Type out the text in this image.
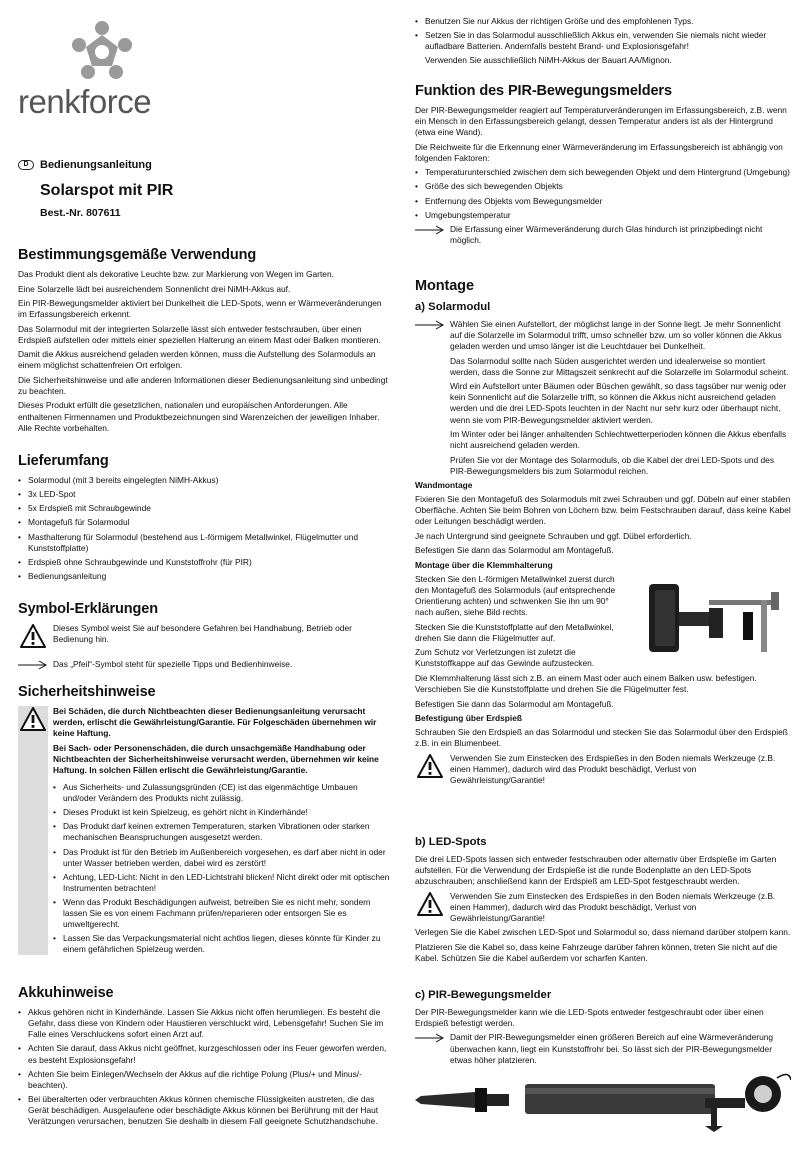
renkforce
D	Bedienungsanleitung
Solarspot mit PIR
Best.-Nr. 807611
Bestimmungsgemäße Verwendung

Das Produkt dient als dekorative Leuchte bzw. zur Markierung von Wegen im Garten.

Eine Solarzelle lädt bei ausreichendem Sonnenlicht drei NiMH-Akkus auf.

Ein PIR-Bewegungsmelder aktiviert bei Dunkelheit die LED-Spots, wenn er Wärmeveränderungen im Erfassungsbereich erkennt.

Das Solarmodul mit der integrierten Solarzelle lässt sich entweder festschrauben, über einen Erdspieß aufstellen oder mittels einer speziellen Halterung an einem Mast oder Balken montieren.

Damit die Akkus ausreichend geladen werden können, muss die Aufstellung des Solarmoduls an einem möglichst schattenfreien Ort erfolgen.

Die Sicherheitshinweise und alle anderen Informationen dieser Bedienungsanleitung sind unbedingt zu beachten.

Dieses Produkt erfüllt die gesetzlichen, nationalen und europäischen Anforderungen. Alle enthaltenen Firmennamen und Produktbezeichnungen sind Warenzeichen der jeweiligen Inhaber. Alle Rechte vorbehalten.

Lieferumfang
• Solarmodul (mit 3 bereits eingelegten NiMH-Akkus)
• 3x LED-Spot
• 5x Erdspieß mit Schraubgewinde
• Montagefuß für Solarmodul
• Masthalterung für Solarmodul (bestehend aus L-förmigem Metallwinkel, Flügelmutter und Kunststoffplatte)
• Erdspieß ohne Schraubgewinde und Kunststoffrohr (für PIR)
• Bedienungsanleitung
Symbol-Erklärungen

Dieses Symbol weist Sie auf besondere Gefahren bei Handhabung, Betrieb oder Bedienung hin.

Das „Pfeil“-Symbol steht für spezielle Tipps und Bedienhinweise.

Sicherheitshinweise

Bei Schäden, die durch Nichtbeachten dieser Bedienungsanleitung verursacht werden, erlischt die Gewährleistung/Garantie. Für Folgeschäden übernehmen wir keine Haftung.

Bei Sach- oder Personenschäden, die durch unsachgemäße Handhabung oder Nichtbeachten der Sicherheitshinweise verursacht werden, übernehmen wir keine Haftung. In solchen Fällen erlischt die Gewährleistung/Garantie.

• Aus Sicherheits- und Zulassungsgründen (CE) ist das eigenmächtige Umbauen und/oder Verändern des Produkts nicht zulässig.
• Dieses Produkt ist kein Spielzeug, es gehört nicht in Kinderhände!
• Das Produkt darf keinen extremen Temperaturen, starken Vibrationen oder starken mechanischen Beanspruchungen ausgesetzt werden.
• Das Produkt ist für den Betrieb im Außenbereich vorgesehen, es darf aber nicht in oder unter Wasser betrieben werden, dabei wird es zerstört!
• Achtung, LED-Licht: Nicht in den LED-Lichtstrahl blicken! Nicht direkt oder mit optischen Instrumenten betrachten!
• Wenn das Produkt Beschädigungen aufweist, betreiben Sie es nicht mehr, sondern lassen Sie es von einem Fachmann prüfen/reparieren oder entsorgen Sie es umweltgerecht.
• Lassen Sie das Verpackungsmaterial nicht achtlos liegen, dieses könnte für Kinder zu einem gefährlichen Spielzeug werden.
Akkuhinweise
• Akkus gehören nicht in Kinderhände. Lassen Sie Akkus nicht offen herumliegen. Es besteht die Gefahr, dass diese von Kindern oder Haustieren verschluckt wird, Lebensgefahr! Suchen Sie im Falle eines Verschluckens sofort einen Arzt auf.
• Achten Sie darauf, dass Akkus nicht geöffnet, kurzgeschlossen oder ins Feuer geworfen werden, es besteht Explosionsgefahr!
• Achten Sie beim Einlegen/Wechseln der Akkus auf die richtige Polung (Plus/+ und Minus/- beachten).
• Bei überalterten oder verbrauchten Akkus können chemische Flüssigkeiten austreten, die das Gerät beschädigen. Ausgelaufene oder beschädigte Akkus können bei Berührung mit der Haut Verätzungen verursachen, benutzen Sie deshalb in diesem Fall geeignete Schutzhandschuhe.
• Benutzen Sie nur Akkus der richtigen Größe und des empfohlenen Typs.
• Setzen Sie in das Solarmodul ausschließlich Akkus ein, verwenden Sie niemals nicht wieder aufladbare Batterien. Andernfalls besteht Brand- und Explosionsgefahr!

Verwenden Sie ausschließlich NiMH-Akkus der Bauart AA/Mignon.

Funktion des PIR-Bewegungsmelders

Der PIR-Bewegungsmelder reagiert auf Temperaturveränderungen im Erfassungsbereich, z.B. wenn ein Mensch in den Erfassungsbereich gelangt, dessen Temperatur anders ist als der Hintergrund (etwa eine Wand).

Die Reichweite für die Erkennung einer Wärmeveränderung im Erfassungsbereich ist abhängig von folgenden Faktoren:

• Temperaturunterschied zwischen dem sich bewegenden Objekt und dem Hintergrund (Umgebung)
• Größe des sich bewegenden Objekts
• Entfernung des Objekts vom Bewegungsmelder
• Umgebungstemperatur

Die Erfassung einer Wärmeveränderung durch Glas hindurch ist prinzipbedingt nicht möglich.

Montage
a) Solarmodul

Wählen Sie einen Aufstellort, der möglichst lange in der Sonne liegt. Je mehr Sonnenlicht auf die Solarzelle im Solarmodul trifft, umso schneller bzw. um so voller können die Akkus geladen werden und umso länger ist die Leuchtdauer bei Dunkelheit.

Das Solarmodul sollte nach Süden ausgerichtet werden und idealerweise so montiert werden, dass die Sonne zur Mittagszeit senkrecht auf die Solarzelle im Solarmodul scheint.

Wird ein Aufstellort unter Bäumen oder Büschen gewählt, so dass tagsüber nur wenig oder kein Sonnenlicht auf die Solarzelle trifft, so können die Akkus nicht ausreichend geladen werden und die drei LED-Spots leuchten in der Nacht nur sehr kurz oder überhaupt nicht, wenn sie vom PIR-Bewegungsmelder aktiviert werden.

Im Winter oder bei länger anhaltenden Schlechtwetterperioden können die Akkus ebenfalls nicht ausreichend geladen werden.

Prüfen Sie vor der Montage des Solarmoduls, ob die Kabel der drei LED-Spots und des PIR-Bewegungsmelders bis zum Solarmodul reichen.

Wandmontage

Fixieren Sie den Montagefuß des Solarmoduls mit zwei Schrauben und ggf. Dübeln auf einer stabilen Oberfläche. Achten Sie beim Bohren von Löchern bzw. beim Festschrauben darauf, dass keine Kabel oder Leitungen beschädigt werden.

Je nach Untergrund sind geeignete Schrauben und ggf. Dübel erforderlich.

Befestigen Sie dann das Solarmodul am Montagefuß.

Montage über die Klemmhalterung

Stecken Sie den L-förmigen Metallwinkel zuerst durch den Montagefuß des Solarmoduls (auf entsprechende Orientierung achten) und schwenken Sie ihn um 90° nach außen, siehe Bild rechts.

Stecken Sie die Kunststoffplatte auf den Metallwinkel, drehen Sie dann die Flügelmutter auf.

Zum Schutz vor Verletzungen ist zuletzt die Kunststoffkappe auf das Gewinde aufzustecken.

Die Klemmhalterung lässt sich z.B. an einem Mast oder auch einem Balken usw. befestigen. Verschieben Sie die Kunststoffplatte und drehen Sie die Flügelmutter fest.

Befestigen Sie dann das Solarmodul am Montagefuß.

Befestigung über Erdspieß

Schrauben Sie den Erdspieß an das Solarmodul und stecken Sie das Solarmodul über den Erdspieß z.B. in ein Blumenbeet.

Verwenden Sie zum Einstecken des Erdspießes in den Boden niemals Werkzeuge (z.B. einen Hammer), dadurch wird das Produkt beschädigt, Verlust von Gewährleistung/Garantie!

b) LED-Spots

Die drei LED-Spots lassen sich entweder festschrauben oder alternativ über Erdspieße im Garten aufstellen. Für die Verwendung der Erdspieße ist die runde Bodenplatte an den LED-Spots abzuschrauben; anschließend kann der Erdspieß am LED-Spot festgeschraubt werden.

Verwenden Sie zum Einstecken des Erdspießes in den Boden niemals Werkzeuge (z.B. einen Hammer), dadurch wird das Produkt beschädigt, Verlust von Gewährleistung/Garantie!

Verlegen Sie die Kabel zwischen LED-Spot und Solarmodul so, dass niemand darüber stolpern kann.

Platzieren Sie die Kabel so, dass keine Fahrzeuge darüber fahren können, treten Sie nicht auf die Kabel. Schützen Sie die Kabel außerdem vor scharfen Kanten.

c) PIR-Bewegungsmelder

Der PIR-Bewegungsmelder kann wie die LED-Spots entweder festgeschraubt oder über einen Erdspieß befestigt werden.

Damit der PIR-Bewegungsmelder einen größeren Bereich auf eine Wärmeveränderung überwachen kann, liegt ein Kunststoffrohr bei. So lässt sich der PIR-Bewegungsmelder etwas höher platzieren.
